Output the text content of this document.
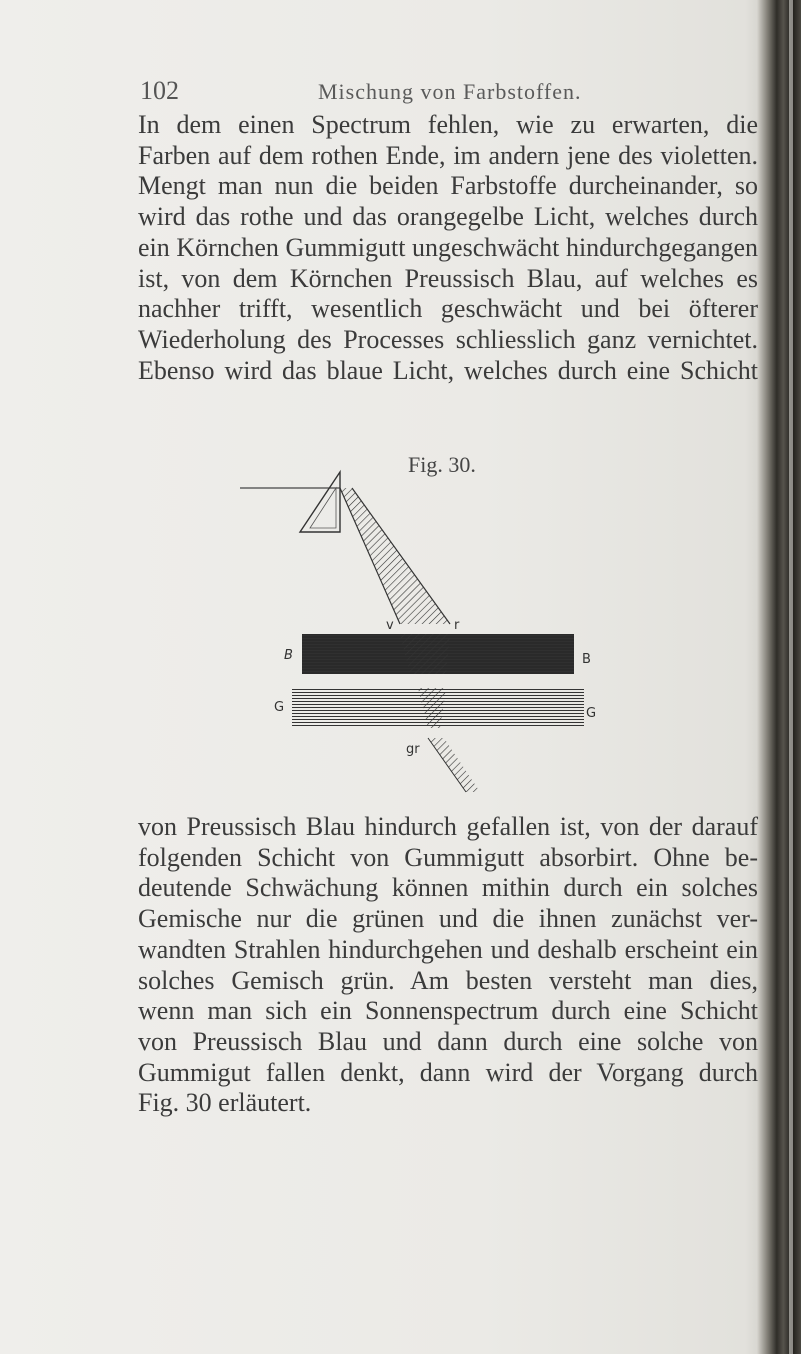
102	Mischung von Farbstoffen.

In dem einen Spectrum fehlen, wie zu erwarten, die
Farben auf dem rothen Ende, im andern jene des violetten.
Mengt man nun die beiden Farbstoffe durcheinander, so
wird das rothe und das orangegelbe Licht, welches durch
ein Körnchen Gummigutt ungeschwächt hindurchgegangen
ist, von dem Körnchen Preussisch Blau, auf welches es
nachher trifft, wesentlich geschwächt und bei öfterer
Wiederholung des Processes schliesslich ganz vernichtet.
Ebenso wird das blaue Licht, welches durch eine Schicht

Fig. 30.
v	r
B	B
G	G
gr

von Preussisch Blau hindurch gefallen ist, von der darauf
folgenden Schicht von Gummigutt absorbirt. Ohne be-
deutende Schwächung können mithin durch ein solches
Gemische nur die grünen und die ihnen zunächst ver-
wandten Strahlen hindurchgehen und deshalb erscheint ein
solches Gemisch grün. Am besten versteht man dies,
wenn man sich ein Sonnenspectrum durch eine Schicht
von Preussisch Blau und dann durch eine solche von
Gummigut fallen denkt, dann wird der Vorgang durch
Fig. 30 erläutert.
